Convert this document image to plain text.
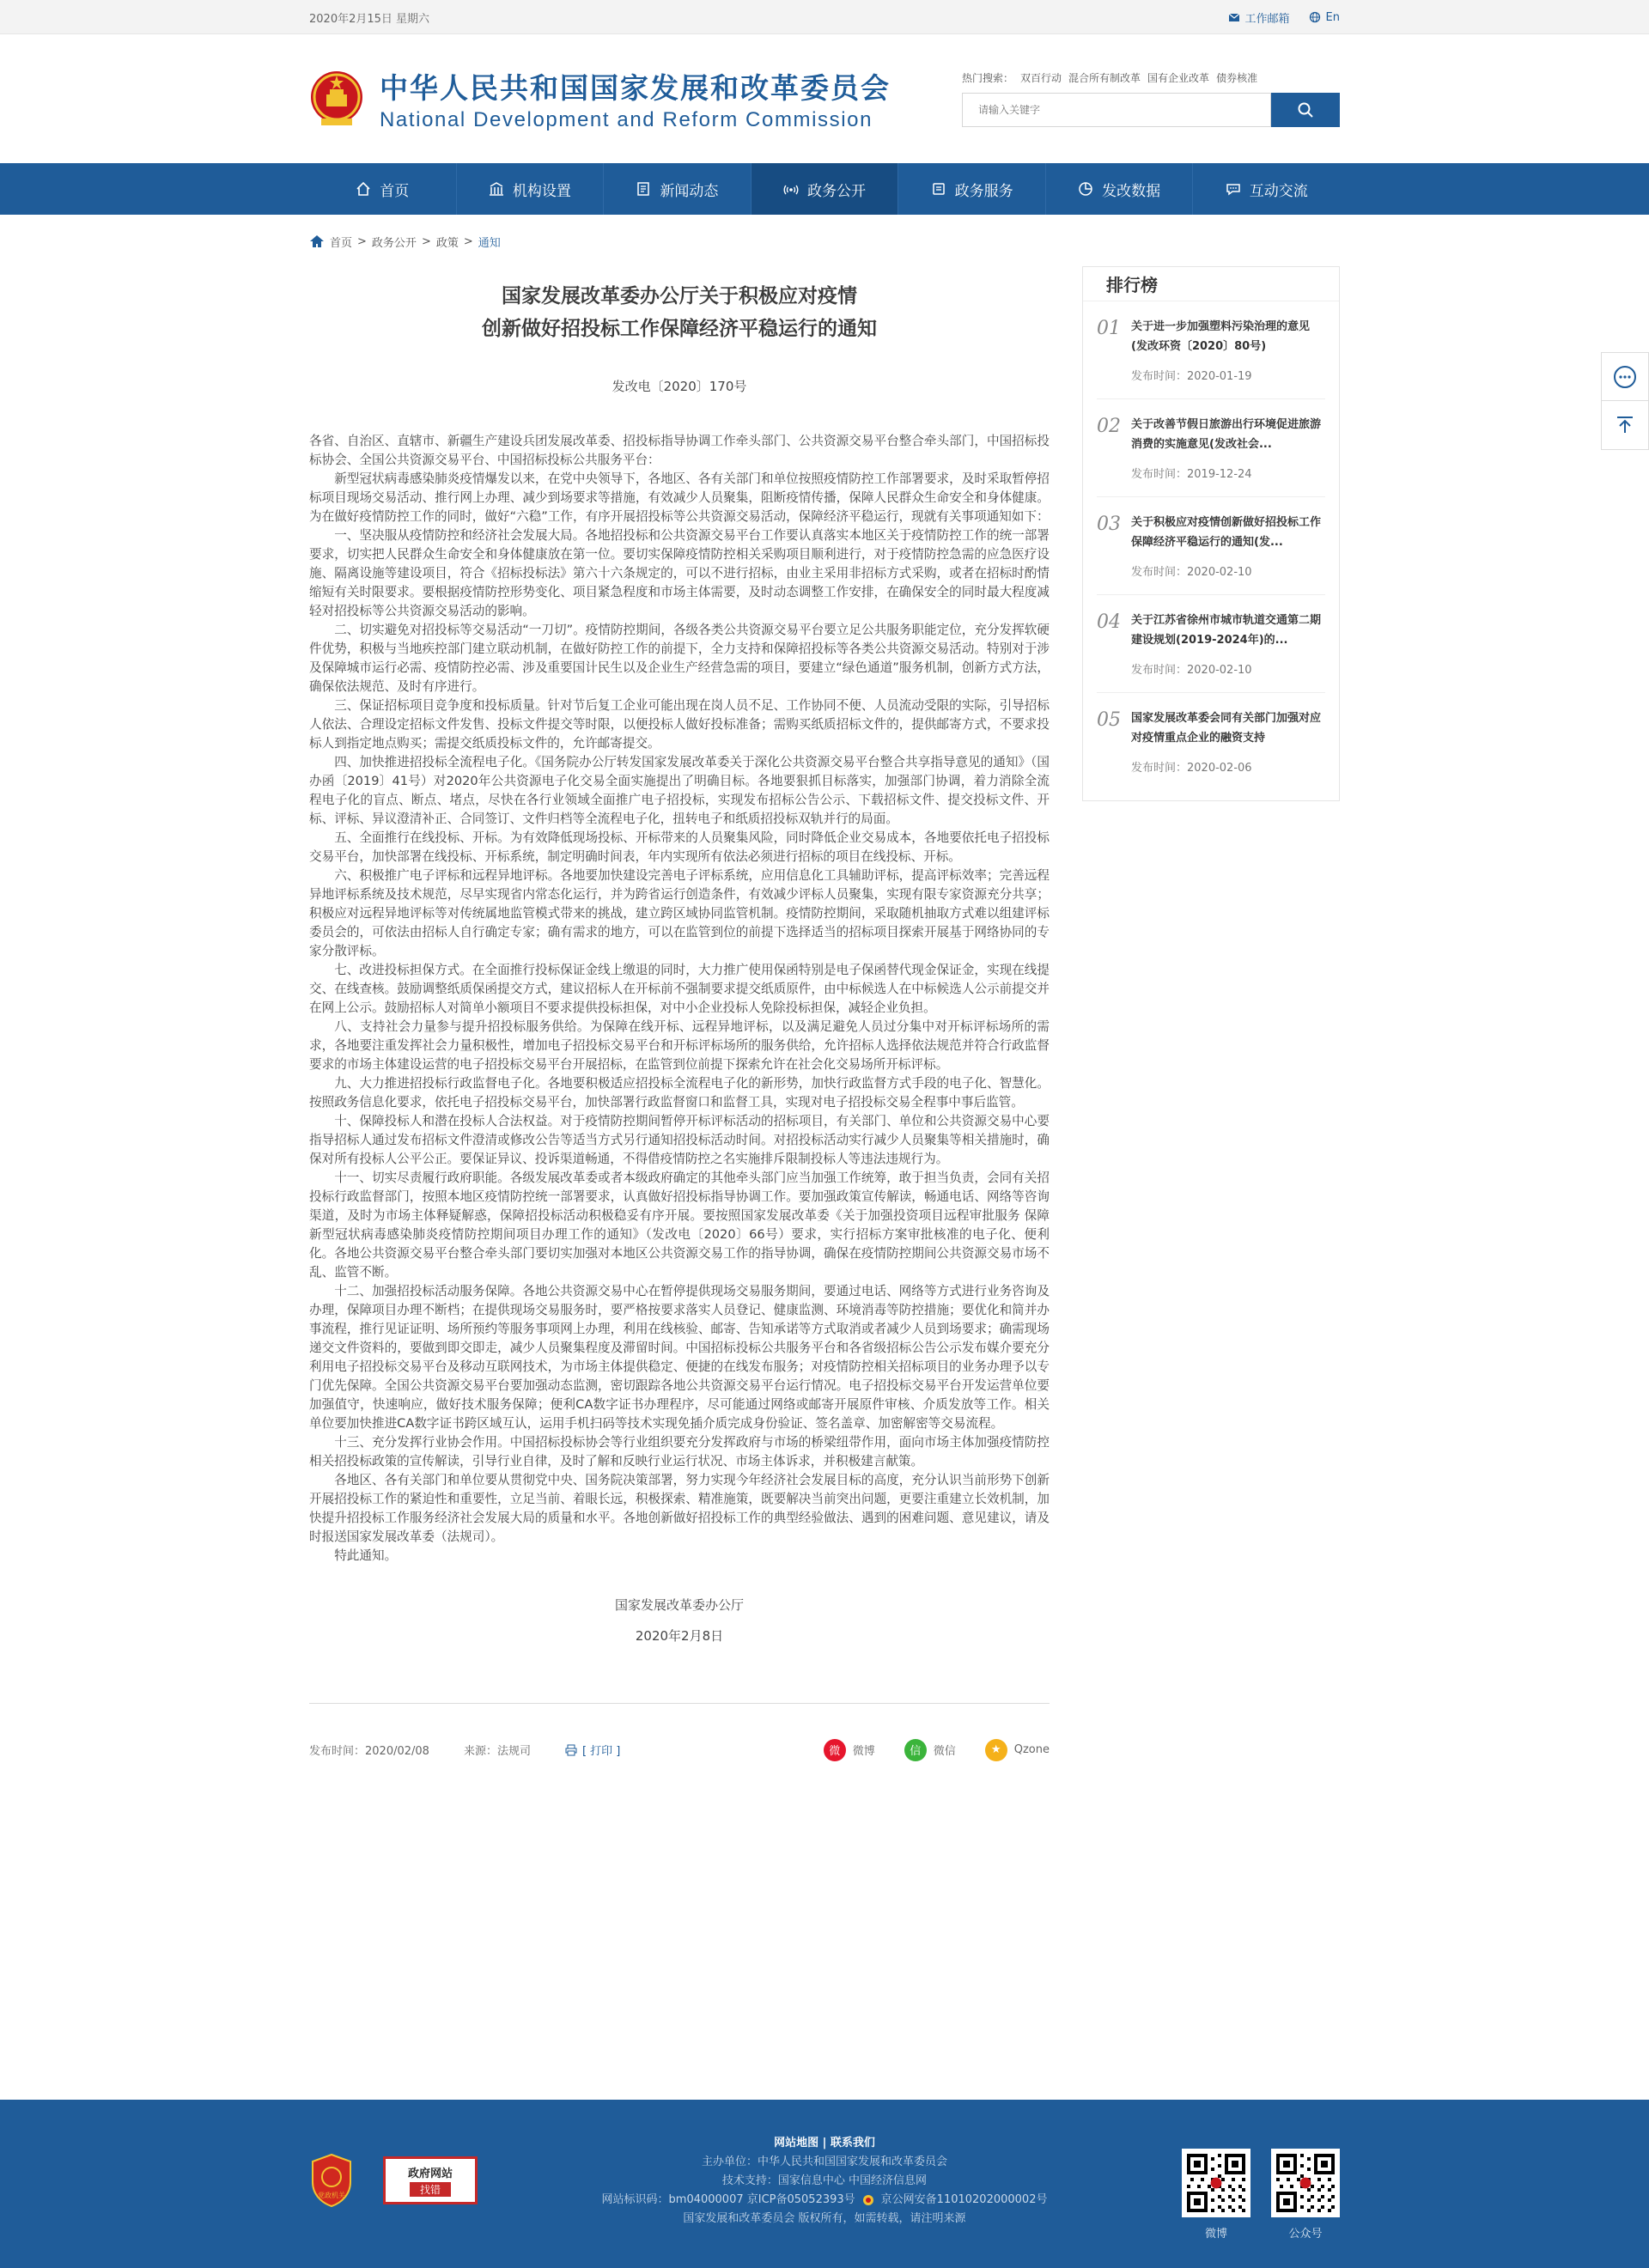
2020年2月15日 星期六	工作邮箱	En
中华人民共和国国家发展和改革委员会
National Development and Reform Commission
热门搜索： 双百行动 混合所有制改革 国有企业改革 债券核准
请输入关键字
首页	机构设置	新闻动态	政务公开	政务服务	发改数据	互动交流
首页 > 政务公开 > 政策 > 通知
国家发展改革委办公厅关于积极应对疫情
创新做好招投标工作保障经济平稳运行的通知
发改电〔2020〕170号

各省、自治区、直辖市、新疆生产建设兵团发展改革委、招投标指导协调工作牵头部门、公共资源交易平台整合牵头部门，中国招标投标协会、全国公共资源交易平台、中国招标投标公共服务平台：

新型冠状病毒感染肺炎疫情爆发以来，在党中央领导下，各地区、各有关部门和单位按照疫情防控工作部署要求，及时采取暂停招标项目现场交易活动、推行网上办理、减少到场要求等措施，有效减少人员聚集，阻断疫情传播，保障人民群众生命安全和身体健康。为在做好疫情防控工作的同时，做好“六稳”工作，有序开展招投标等公共资源交易活动，保障经济平稳运行，现就有关事项通知如下：

一、坚决服从疫情防控和经济社会发展大局。各地招投标和公共资源交易平台工作要认真落实本地区关于疫情防控工作的统一部署要求，切实把人民群众生命安全和身体健康放在第一位。要切实保障疫情防控相关采购项目顺利进行，对于疫情防控急需的应急医疗设施、隔离设施等建设项目，符合《招标投标法》第六十六条规定的，可以不进行招标，由业主采用非招标方式采购，或者在招标时酌情缩短有关时限要求。要根据疫情防控形势变化、项目紧急程度和市场主体需要，及时动态调整工作安排，在确保安全的同时最大程度减轻对招投标等公共资源交易活动的影响。

二、切实避免对招投标等交易活动“一刀切”。疫情防控期间，各级各类公共资源交易平台要立足公共服务职能定位，充分发挥软硬件优势，积极与当地疾控部门建立联动机制，在做好防控工作的前提下，全力支持和保障招投标等各类公共资源交易活动。特别对于涉及保障城市运行必需、疫情防控必需、涉及重要国计民生以及企业生产经营急需的项目，要建立“绿色通道”服务机制，创新方式方法，确保依法规范、及时有序进行。

三、保证招标项目竞争度和投标质量。针对节后复工企业可能出现在岗人员不足、工作协同不便、人员流动受限的实际，引导招标人依法、合理设定招标文件发售、投标文件提交等时限，以便投标人做好投标准备；需购买纸质招标文件的，提供邮寄方式，不要求投标人到指定地点购买；需提交纸质投标文件的，允许邮寄提交。

四、加快推进招投标全流程电子化。《国务院办公厅转发国家发展改革委关于深化公共资源交易平台整合共享指导意见的通知》（国办函〔2019〕41号）对2020年公共资源电子化交易全面实施提出了明确目标。各地要狠抓目标落实，加强部门协调，着力消除全流程电子化的盲点、断点、堵点，尽快在各行业领域全面推广电子招投标，实现发布招标公告公示、下载招标文件、提交投标文件、开标、评标、异议澄清补正、合同签订、文件归档等全流程电子化，扭转电子和纸质招投标双轨并行的局面。

五、全面推行在线投标、开标。为有效降低现场投标、开标带来的人员聚集风险，同时降低企业交易成本，各地要依托电子招投标交易平台，加快部署在线投标、开标系统，制定明确时间表，年内实现所有依法必须进行招标的项目在线投标、开标。

六、积极推广电子评标和远程异地评标。各地要加快建设完善电子评标系统，应用信息化工具辅助评标，提高评标效率；完善远程异地评标系统及技术规范，尽早实现省内常态化运行，并为跨省运行创造条件，有效减少评标人员聚集，实现有限专家资源充分共享；积极应对远程异地评标等对传统属地监管模式带来的挑战，建立跨区域协同监管机制。疫情防控期间，采取随机抽取方式难以组建评标委员会的，可依法由招标人自行确定专家；确有需求的地方，可以在监管到位的前提下选择适当的招标项目探索开展基于网络协同的专家分散评标。

七、改进投标担保方式。在全面推行投标保证金线上缴退的同时，大力推广使用保函特别是电子保函替代现金保证金，实现在线提交、在线查核。鼓励调整纸质保函提交方式，建议招标人在开标前不强制要求提交纸质原件，由中标候选人在中标候选人公示前提交并在网上公示。鼓励招标人对简单小额项目不要求提供投标担保，对中小企业投标人免除投标担保，减轻企业负担。

八、支持社会力量参与提升招投标服务供给。为保障在线开标、远程异地评标，以及满足避免人员过分集中对开标评标场所的需求，各地要注重发挥社会力量积极性，增加电子招投标交易平台和开标评标场所的服务供给，允许招标人选择依法规范并符合行政监督要求的市场主体建设运营的电子招投标交易平台开展招标，在监管到位前提下探索允许在社会化交易场所开标评标。

九、大力推进招投标行政监督电子化。各地要积极适应招投标全流程电子化的新形势，加快行政监督方式手段的电子化、智慧化。按照政务信息化要求，依托电子招投标交易平台，加快部署行政监督窗口和监督工具，实现对电子招投标交易全程事中事后监管。

十、保障投标人和潜在投标人合法权益。对于疫情防控期间暂停开标评标活动的招标项目，有关部门、单位和公共资源交易中心要指导招标人通过发布招标文件澄清或修改公告等适当方式另行通知招投标活动时间。对招投标活动实行减少人员聚集等相关措施时，确保对所有投标人公平公正。要保证异议、投诉渠道畅通，不得借疫情防控之名实施排斥限制投标人等违法违规行为。

十一、切实尽责履行政府职能。各级发展改革委或者本级政府确定的其他牵头部门应当加强工作统筹，敢于担当负责，会同有关招投标行政监督部门，按照本地区疫情防控统一部署要求，认真做好招投标指导协调工作。要加强政策宣传解读，畅通电话、网络等咨询渠道，及时为市场主体释疑解惑，保障招投标活动积极稳妥有序开展。要按照国家发展改革委《关于加强投资项目远程审批服务 保障新型冠状病毒感染肺炎疫情防控期间项目办理工作的通知》（发改电〔2020〕66号）要求，实行招标方案审批核准的电子化、便利化。各地公共资源交易平台整合牵头部门要切实加强对本地区公共资源交易工作的指导协调，确保在疫情防控期间公共资源交易市场不乱、监管不断。

十二、加强招投标活动服务保障。各地公共资源交易中心在暂停提供现场交易服务期间，要通过电话、网络等方式进行业务咨询及办理，保障项目办理不断档；在提供现场交易服务时，要严格按要求落实人员登记、健康监测、环境消毒等防控措施；要优化和简并办事流程，推行见证证明、场所预约等服务事项网上办理，利用在线核验、邮寄、告知承诺等方式取消或者减少人员到场要求；确需现场递交文件资料的，要做到即交即走，减少人员聚集程度及滞留时间。中国招标投标公共服务平台和各省级招标公告公示发布媒介要充分利用电子招投标交易平台及移动互联网技术，为市场主体提供稳定、便捷的在线发布服务；对疫情防控相关招标项目的业务办理予以专门优先保障。全国公共资源交易平台要加强动态监测，密切跟踪各地公共资源交易平台运行情况。电子招投标交易平台开发运营单位要加强值守，快速响应，做好技术服务保障；便利CA数字证书办理程序，尽可能通过网络或邮寄开展原件审核、介质发放等工作。相关单位要加快推进CA数字证书跨区域互认，运用手机扫码等技术实现免插介质完成身份验证、签名盖章、加密解密等交易流程。

十三、充分发挥行业协会作用。中国招标投标协会等行业组织要充分发挥政府与市场的桥梁纽带作用，面向市场主体加强疫情防控相关招投标政策的宣传解读，引导行业自律，及时了解和反映行业运行状况、市场主体诉求，并积极建言献策。

各地区、各有关部门和单位要从贯彻党中央、国务院决策部署，努力实现今年经济社会发展目标的高度，充分认识当前形势下创新开展招投标工作的紧迫性和重要性，立足当前、着眼长远，积极探索、精准施策，既要解决当前突出问题，更要注重建立长效机制，加快提升招投标工作服务经济社会发展大局的质量和水平。各地创新做好招投标工作的典型经验做法、遇到的困难问题、意见建议，请及时报送国家发展改革委（法规司）。

特此通知。

国家发展改革委办公厅
2020年2月8日
发布时间：2020/02/08	来源：法规司	[ 打印 ]	微	微博	信	微信	★	Qzone
排行榜
01 关于进一步加强塑料污染治理的意见(发改环资〔2020〕80号)
发布时间：2020-01-19
02 关于改善节假日旅游出行环境促进旅游消费的实施意见(发改社会...
发布时间：2019-12-24
03 关于积极应对疫情创新做好招投标工作保障经济平稳运行的通知(发...
发布时间：2020-02-10
04 关于江苏省徐州市城市轨道交通第二期建设规划(2019-2024年)的...
发布时间：2020-02-10
05 国家发展改革委会同有关部门加强对应对疫情重点企业的融资支持
发布时间：2020-02-06
党政机关
政府网站
找错
网站地图 | 联系我们
主办单位：中华人民共和国国家发展和改革委员会
技术支持：国家信息中心 中国经济信息网
网站标识码：bm04000007 京ICP备05052393号 京公网安备11010202000002号
国家发展和改革委员会 版权所有，如需转载，请注明来源
微博	公众号
